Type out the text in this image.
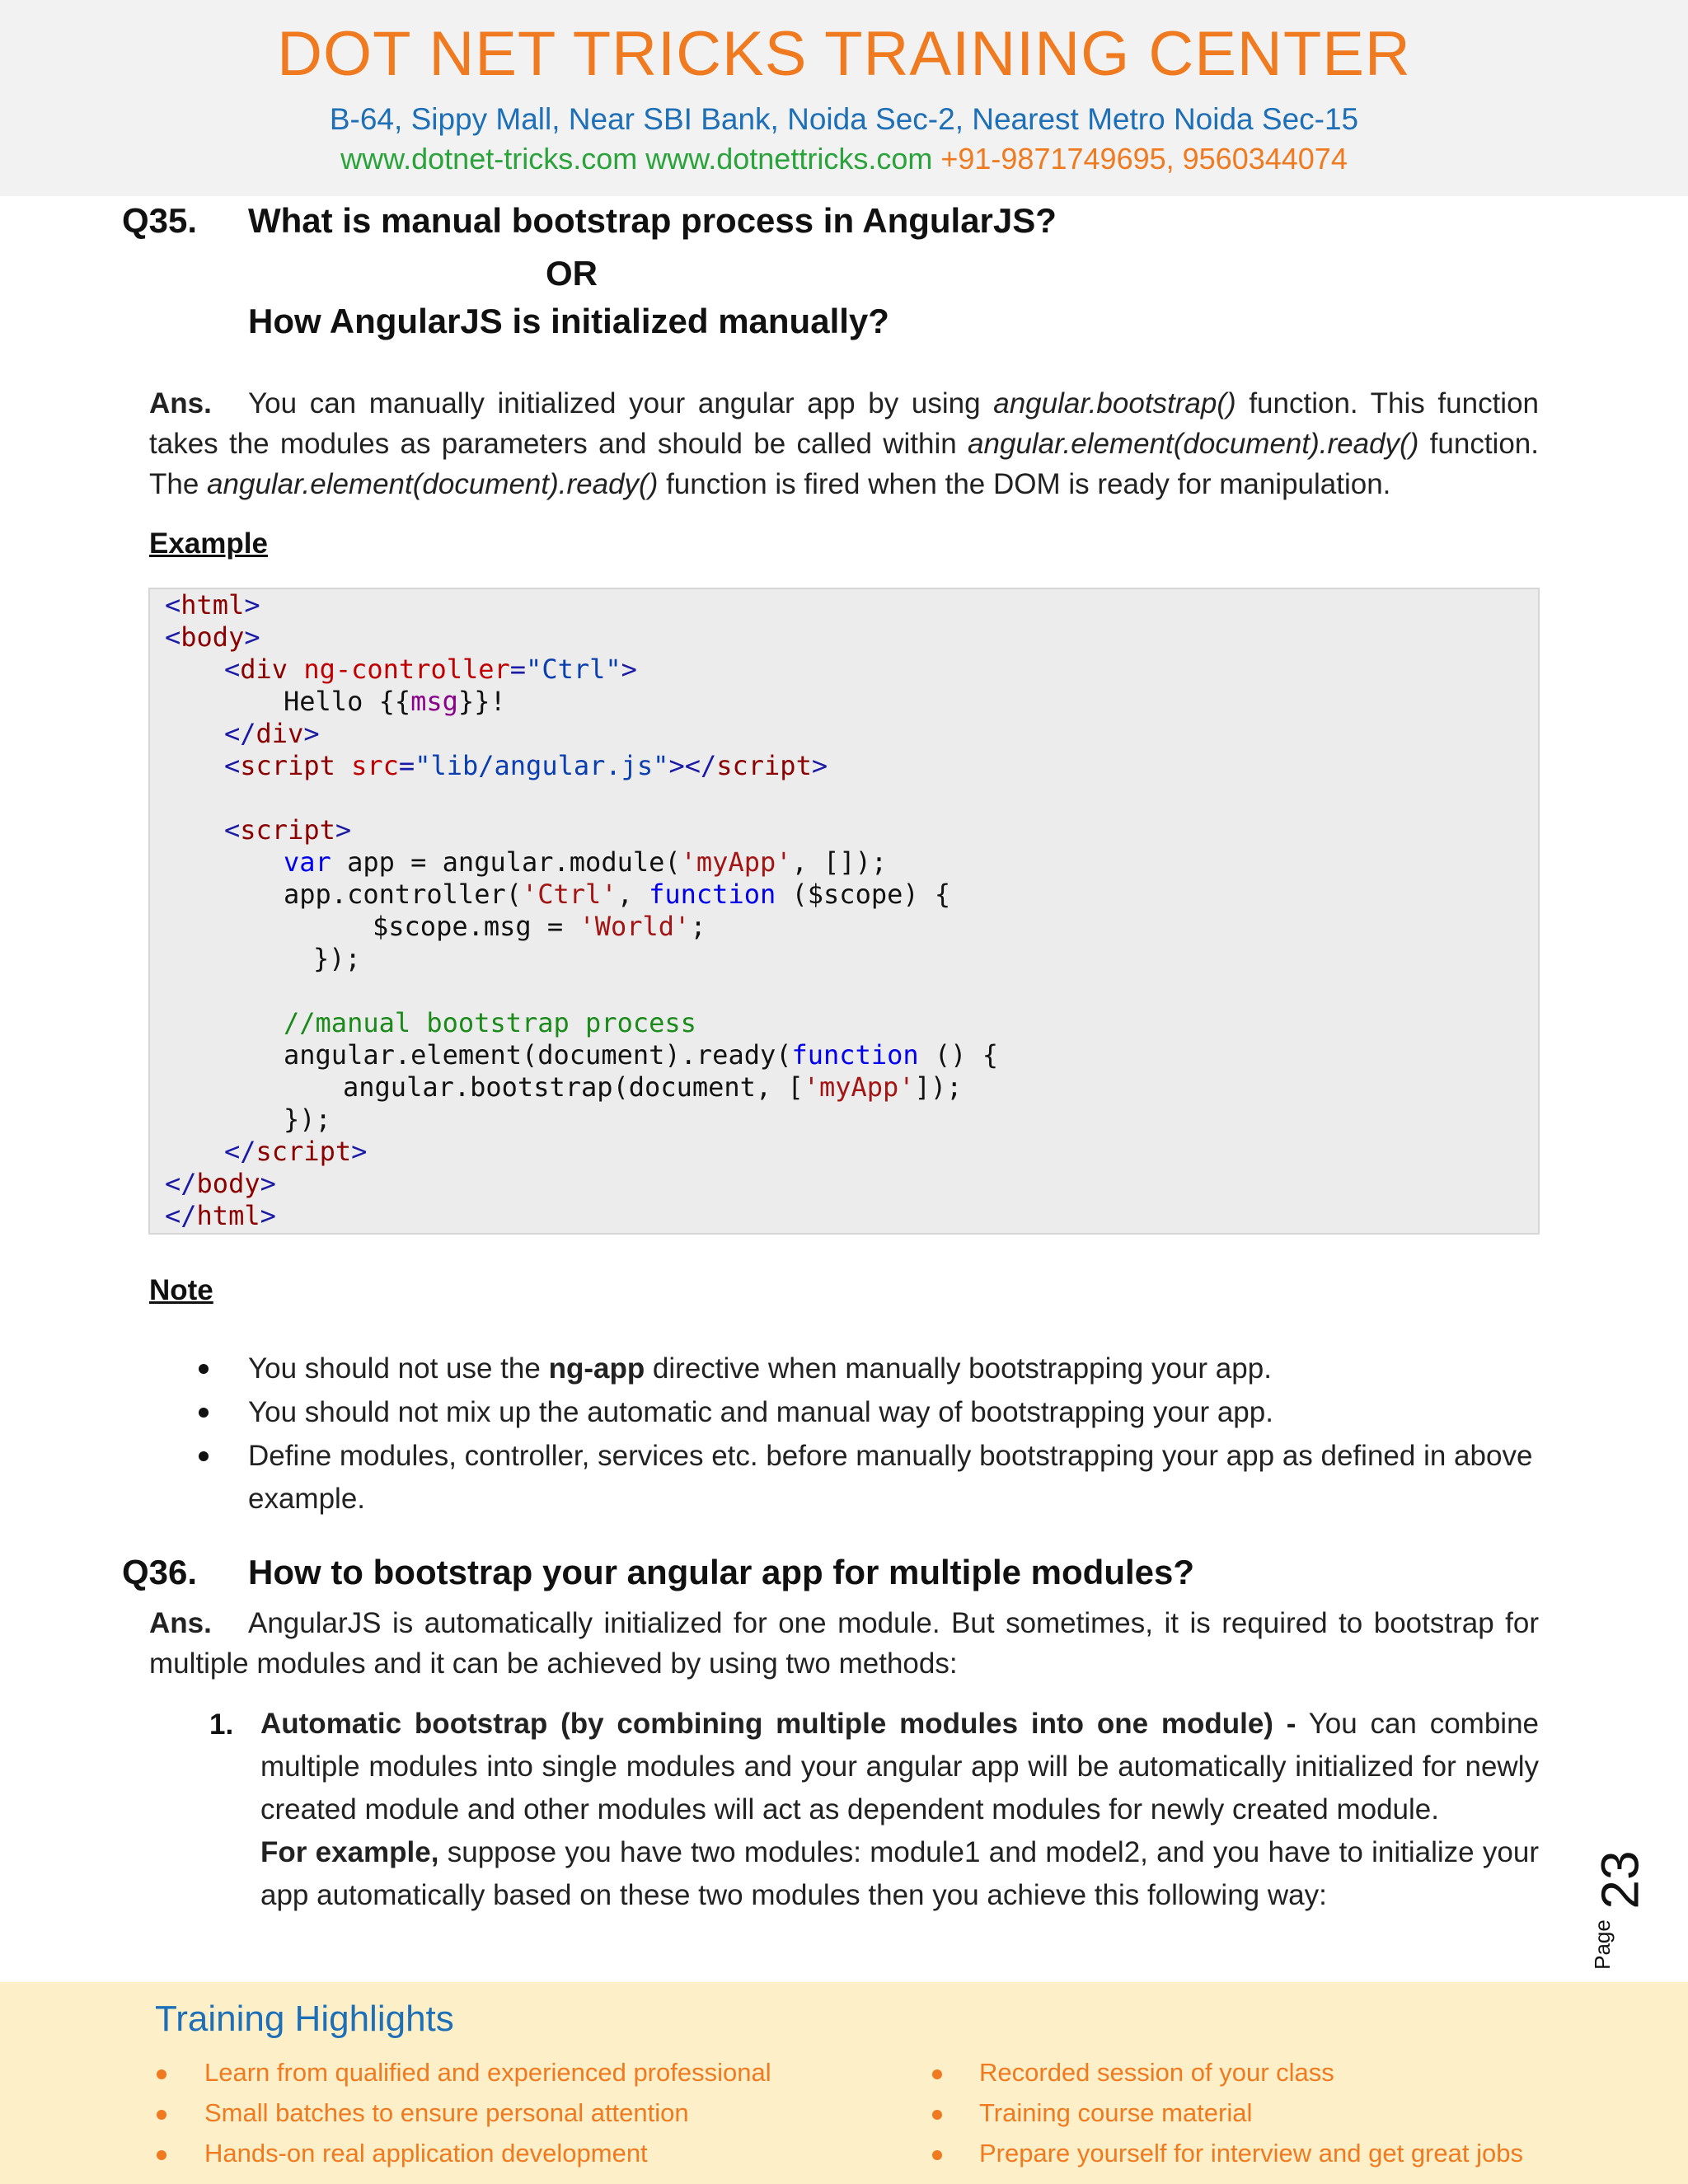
DOT NET TRICKS TRAINING CENTER
B-64, Sippy Mall, Near SBI Bank, Noida Sec-2, Nearest Metro Noida Sec-15
www.dotnet-tricks.com www.dotnettricks.com +91-9871749695, 9560344074
Q35. What is manual bootstrap process in AngularJS?
OR
How AngularJS is initialized manually?
Ans. You can manually initialized your angular app by using angular.bootstrap() function. This function takes the modules as parameters and should be called within angular.element(document).ready() function. The angular.element(document).ready() function is fired when the DOM is ready for manipulation.
Example
<html>
<body>
<div ng-controller="Ctrl">
Hello {{msg}}!
</div>
<script src="lib/angular.js"></script>
<script>
var app = angular.module('myApp', []);
app.controller('Ctrl', function ($scope) {
$scope.msg = 'World';
});
//manual bootstrap process
angular.element(document).ready(function () {
angular.bootstrap(document, ['myApp']);
});
</script>
</body>
</html>
Note
You should not use the ng-app directive when manually bootstrapping your app.
You should not mix up the automatic and manual way of bootstrapping your app.
Define modules, controller, services etc. before manually bootstrapping your app as defined in above
example.
Q36. How to bootstrap your angular app for multiple modules?
Ans. AngularJS is automatically initialized for one module. But sometimes, it is required to bootstrap for multiple modules and it can be achieved by using two methods:
1. Automatic bootstrap (by combining multiple modules into one module) - You can combine multiple modules into single modules and your angular app will be automatically initialized for newly created module and other modules will act as dependent modules for newly created module.
For example, suppose you have two modules: module1 and model2, and you have to initialize your app automatically based on these two modules then you achieve this following way:	23
Page
Training Highlights
Learn from qualified and experienced professional
Small batches to ensure personal attention
Hands-on real application development
Recorded session of your class
Training course material
Prepare yourself for interview and get great jobs
